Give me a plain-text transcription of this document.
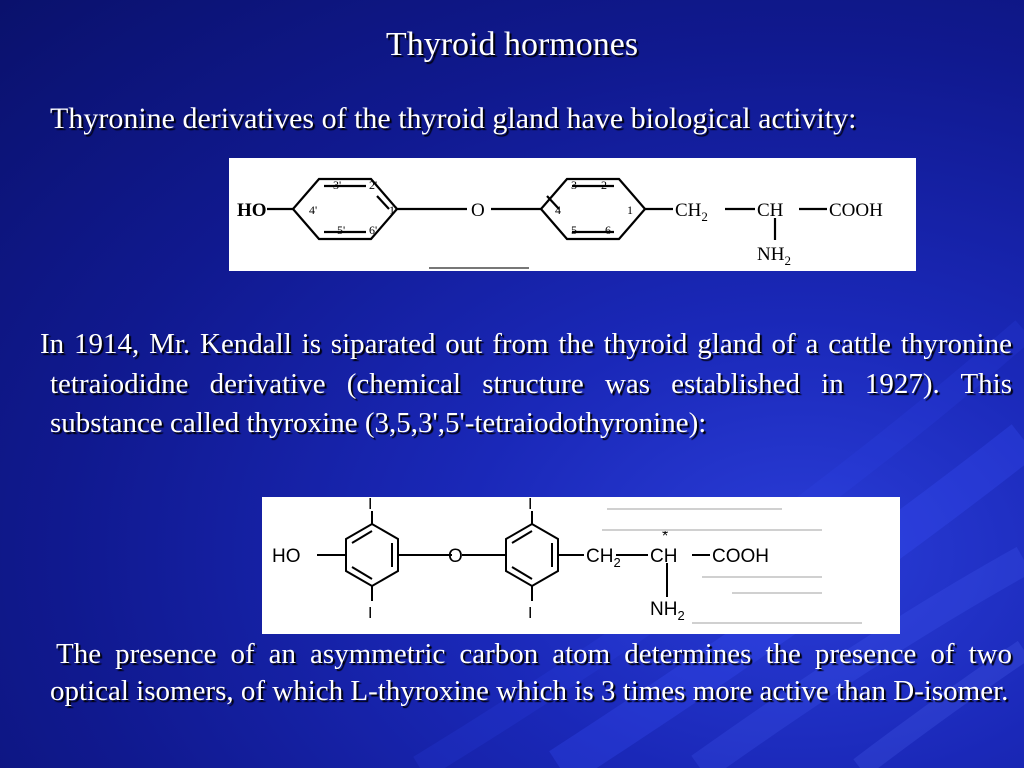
Thyroid hormones
Thyronine derivatives of the thyroid gland have biological activity:
HO	O
3' 2'
4'	1'
5' 6'
3 2
4	1
5 6
$CH_2$	CH COOH
$NH_2$
In 1914, Mr. Kendall is siparated out from the thyroid gland of a cattle thyronine tetraiodidne derivative (chemical structure was established in 1927). This substance called thyroxine (3,5,3',5'-tetraiodothyronine):
HO	O
I
I
I
I
$CH_2$
*
CH COOH
$NH_2$
The presence of an asymmetric carbon atom determines the presence of two optical isomers, of which L-thyroxine which is 3 times more active than D-isomer.
